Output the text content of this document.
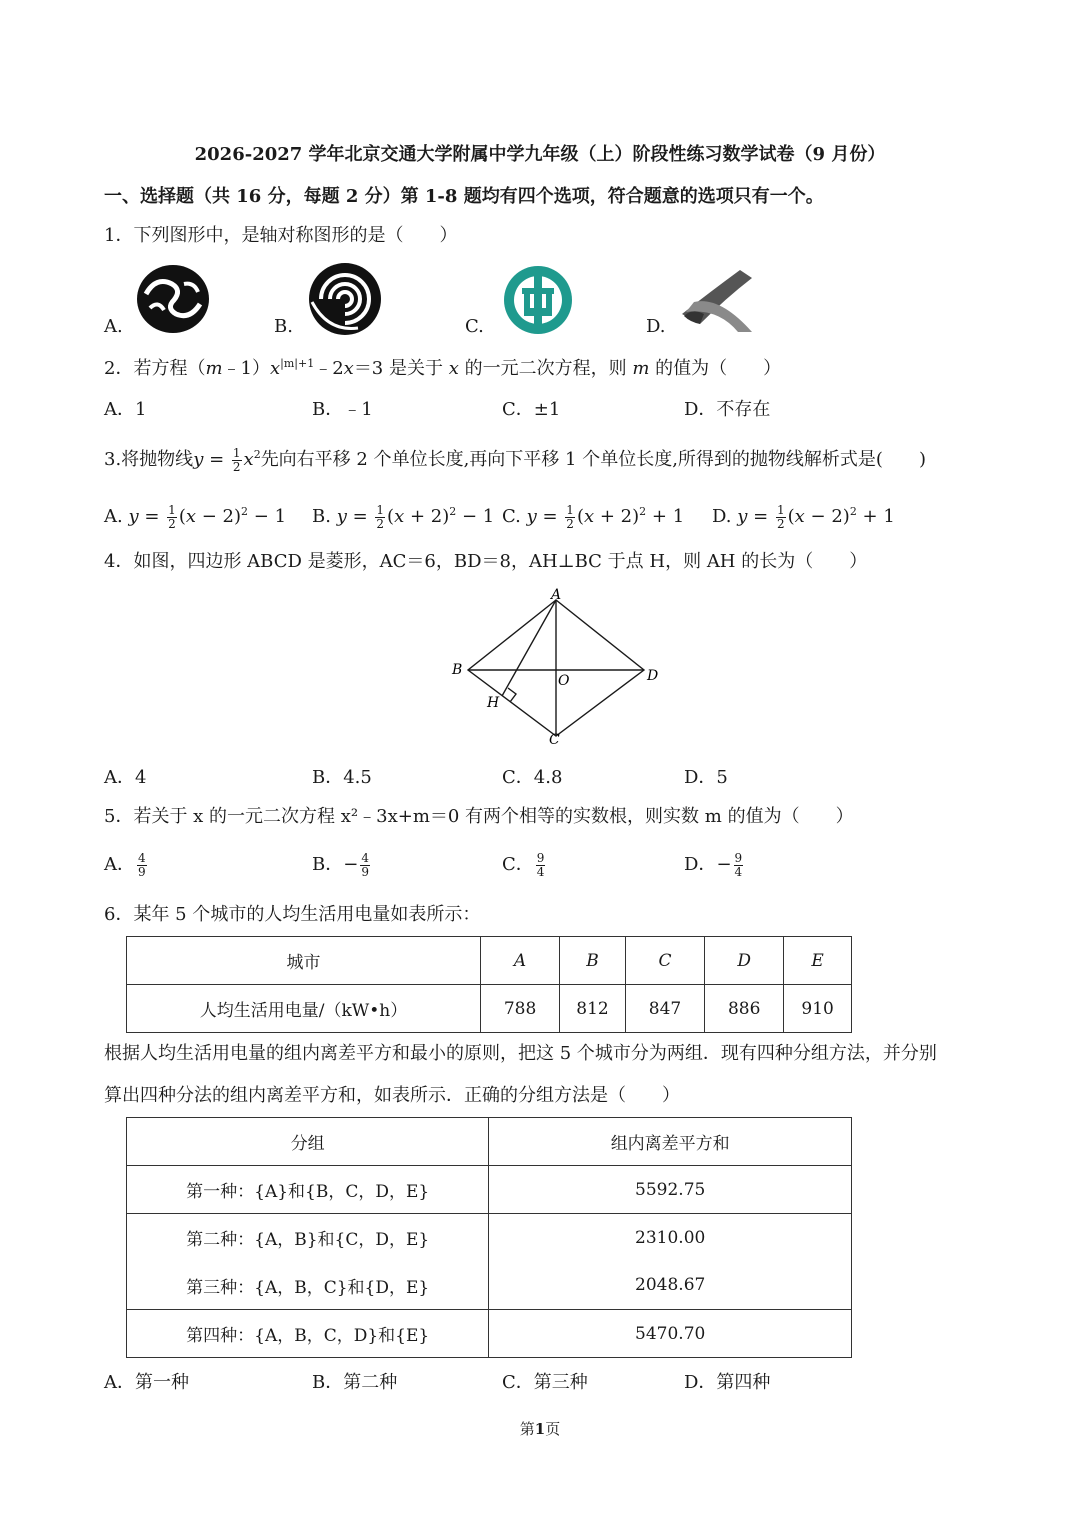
2026-2027 学年北京交通大学附属中学九年级（上）阶段性练习数学试卷（9 月份）
一、选择题（共 16 分，每题 2 分）第 1-8 题均有四个选项，符合题意的选项只有一个。
1．下列图形中，是轴对称图形的是（　　）
A.	B.	C.	D.
2．若方程$(m﹣1)x^{|m|+1}﹣2x=3$ 是关于 x 的一元二次方程，则 m 的值为（　　）
A．1	B．﹣1	C．±1	D．不存在
3.将抛物线$y = \frac{1}{2} x^2$先向右平移 2 个单位长度,再向下平移 1 个单位长度,所得到的抛物线解析式是(　　)
A. $y = \frac{1}{2} (x - 2)^2 - 1$ B. $y = \frac{1}{2} (x + 2)^2 - 1$ C. $y = \frac{1}{2} (x + 2)^2 + 1$ D. $y = \frac{1}{2} (x - 2)^2 + 1$
4．如图，四边形 ABCD 是菱形，AC＝6，BD＝8，AH⊥BC 于点 H，则 AH 的长为（　　）
A
B
O	D
H
C
A．4	B．4.5	C．4.8	D．5
5．若关于 x 的一元二次方程 x²﹣3x+m＝0 有两个相等的实数根，则实数 m 的值为（　　）
A． $\frac{4}{9}$	B．− $\frac{4}{9}$	C． $\frac{9}{4}$	D．− $\frac{9}{4}$
6．某年 5 个城市的人均生活用电量如表所示：
城市	A	B	C	D	E
人均生活用电量/（kW•h）	788	812	847	886	910
根据人均生活用电量的组内离差平方和最小的原则，把这 5 个城市分为两组．现有四种分组方法，并分别
算出四种分法的组内离差平方和，如表所示．正确的分组方法是（　　）
分组	组内离差平方和
第一种：{A}和{B，C，D，E}	5592.75
第二种：{A，B}和{C，D，E}	2310.00
第三种：{A，B，C}和{D，E}	2048.67
第四种：{A，B，C，D}和{E}	5470.70
A．第一种	B．第二种	C．第三种	D．第四种
第1页
